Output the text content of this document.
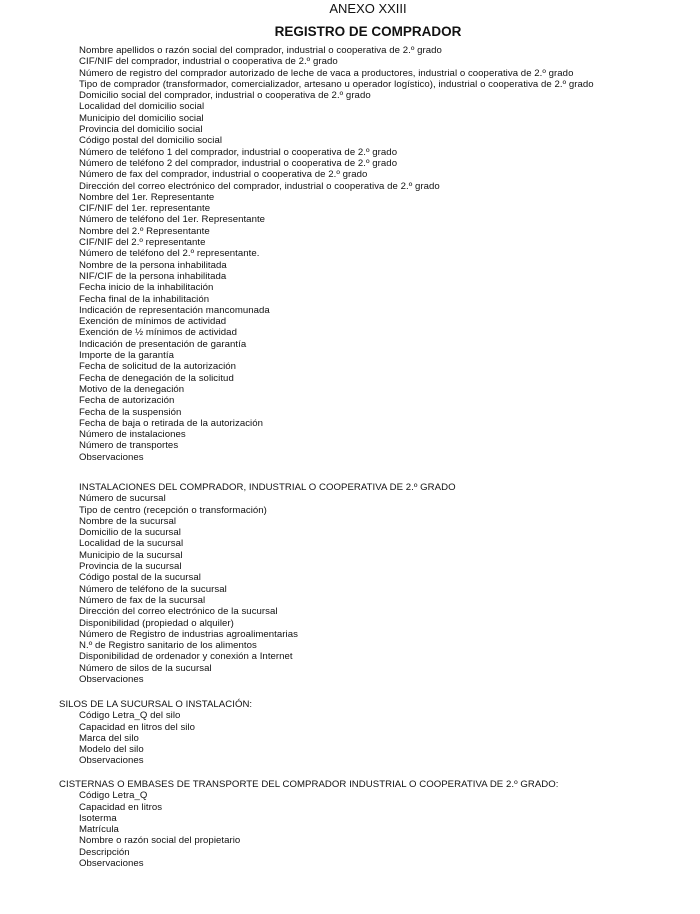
ANEXO XXIII
REGISTRO DE COMPRADOR
Nombre apellidos o razón social del comprador, industrial o cooperativa de 2.º grado
CIF/NIF del comprador, industrial o cooperativa de 2.º grado
Número de registro del comprador autorizado de leche de vaca a productores, industrial o cooperativa de 2.º grado
Tipo de comprador (transformador, comercializador, artesano u operador logístico), industrial o cooperativa de 2.º grado
Domicilio social del comprador, industrial o cooperativa de 2.º grado
Localidad del domicilio social
Municipio del domicilio social
Provincia del domicilio social
Código postal del domicilio social
Número de teléfono 1 del comprador, industrial o cooperativa de 2.º grado
Número de teléfono 2 del comprador, industrial o cooperativa de 2.º grado
Número de fax del comprador, industrial o cooperativa de 2.º grado
Dirección del correo electrónico del comprador, industrial o cooperativa de 2.º grado
Nombre del 1er. Representante
CIF/NIF del 1er. representante
Número de teléfono del 1er. Representante
Nombre del 2.º Representante
CIF/NIF del 2.º representante
Número de teléfono del 2.º representante.
Nombre de la persona inhabilitada
NIF/CIF de la persona inhabilitada
Fecha inicio de la inhabilitación
Fecha final de la inhabilitación
Indicación de representación mancomunada
Exención de mínimos de actividad
Exención de ½ mínimos de actividad
Indicación de presentación de garantía
Importe de la garantía
Fecha de solicitud de la autorización
Fecha de denegación de la solicitud
Motivo de la denegación
Fecha de autorización
Fecha de la suspensión
Fecha de baja o retirada de la autorización
Número de instalaciones
Número de transportes
Observaciones
INSTALACIONES DEL COMPRADOR, INDUSTRIAL O COOPERATIVA DE 2.º GRADO
Número de sucursal
Tipo de centro (recepción o transformación)
Nombre de la sucursal
Domicilio de la sucursal
Localidad de la sucursal
Municipio de la sucursal
Provincia de la sucursal
Código postal de la sucursal
Número de teléfono de la sucursal
Número de fax de la sucursal
Dirección del correo electrónico de la sucursal
Disponibilidad (propiedad o alquiler)
Número de Registro de industrias agroalimentarias
N.º de Registro sanitario de los alimentos
Disponibilidad de ordenador y conexión a Internet
Número de silos de la sucursal
Observaciones
SILOS DE LA SUCURSAL O INSTALACIÓN:
Código Letra_Q del silo
Capacidad en litros del silo
Marca del silo
Modelo del silo
Observaciones
CISTERNAS O EMBASES DE TRANSPORTE DEL COMPRADOR INDUSTRIAL O COOPERATIVA DE 2.º GRADO:
Código Letra_Q
Capacidad en litros
Isoterma
Matrícula
Nombre o razón social del propietario
Descripción
Observaciones
